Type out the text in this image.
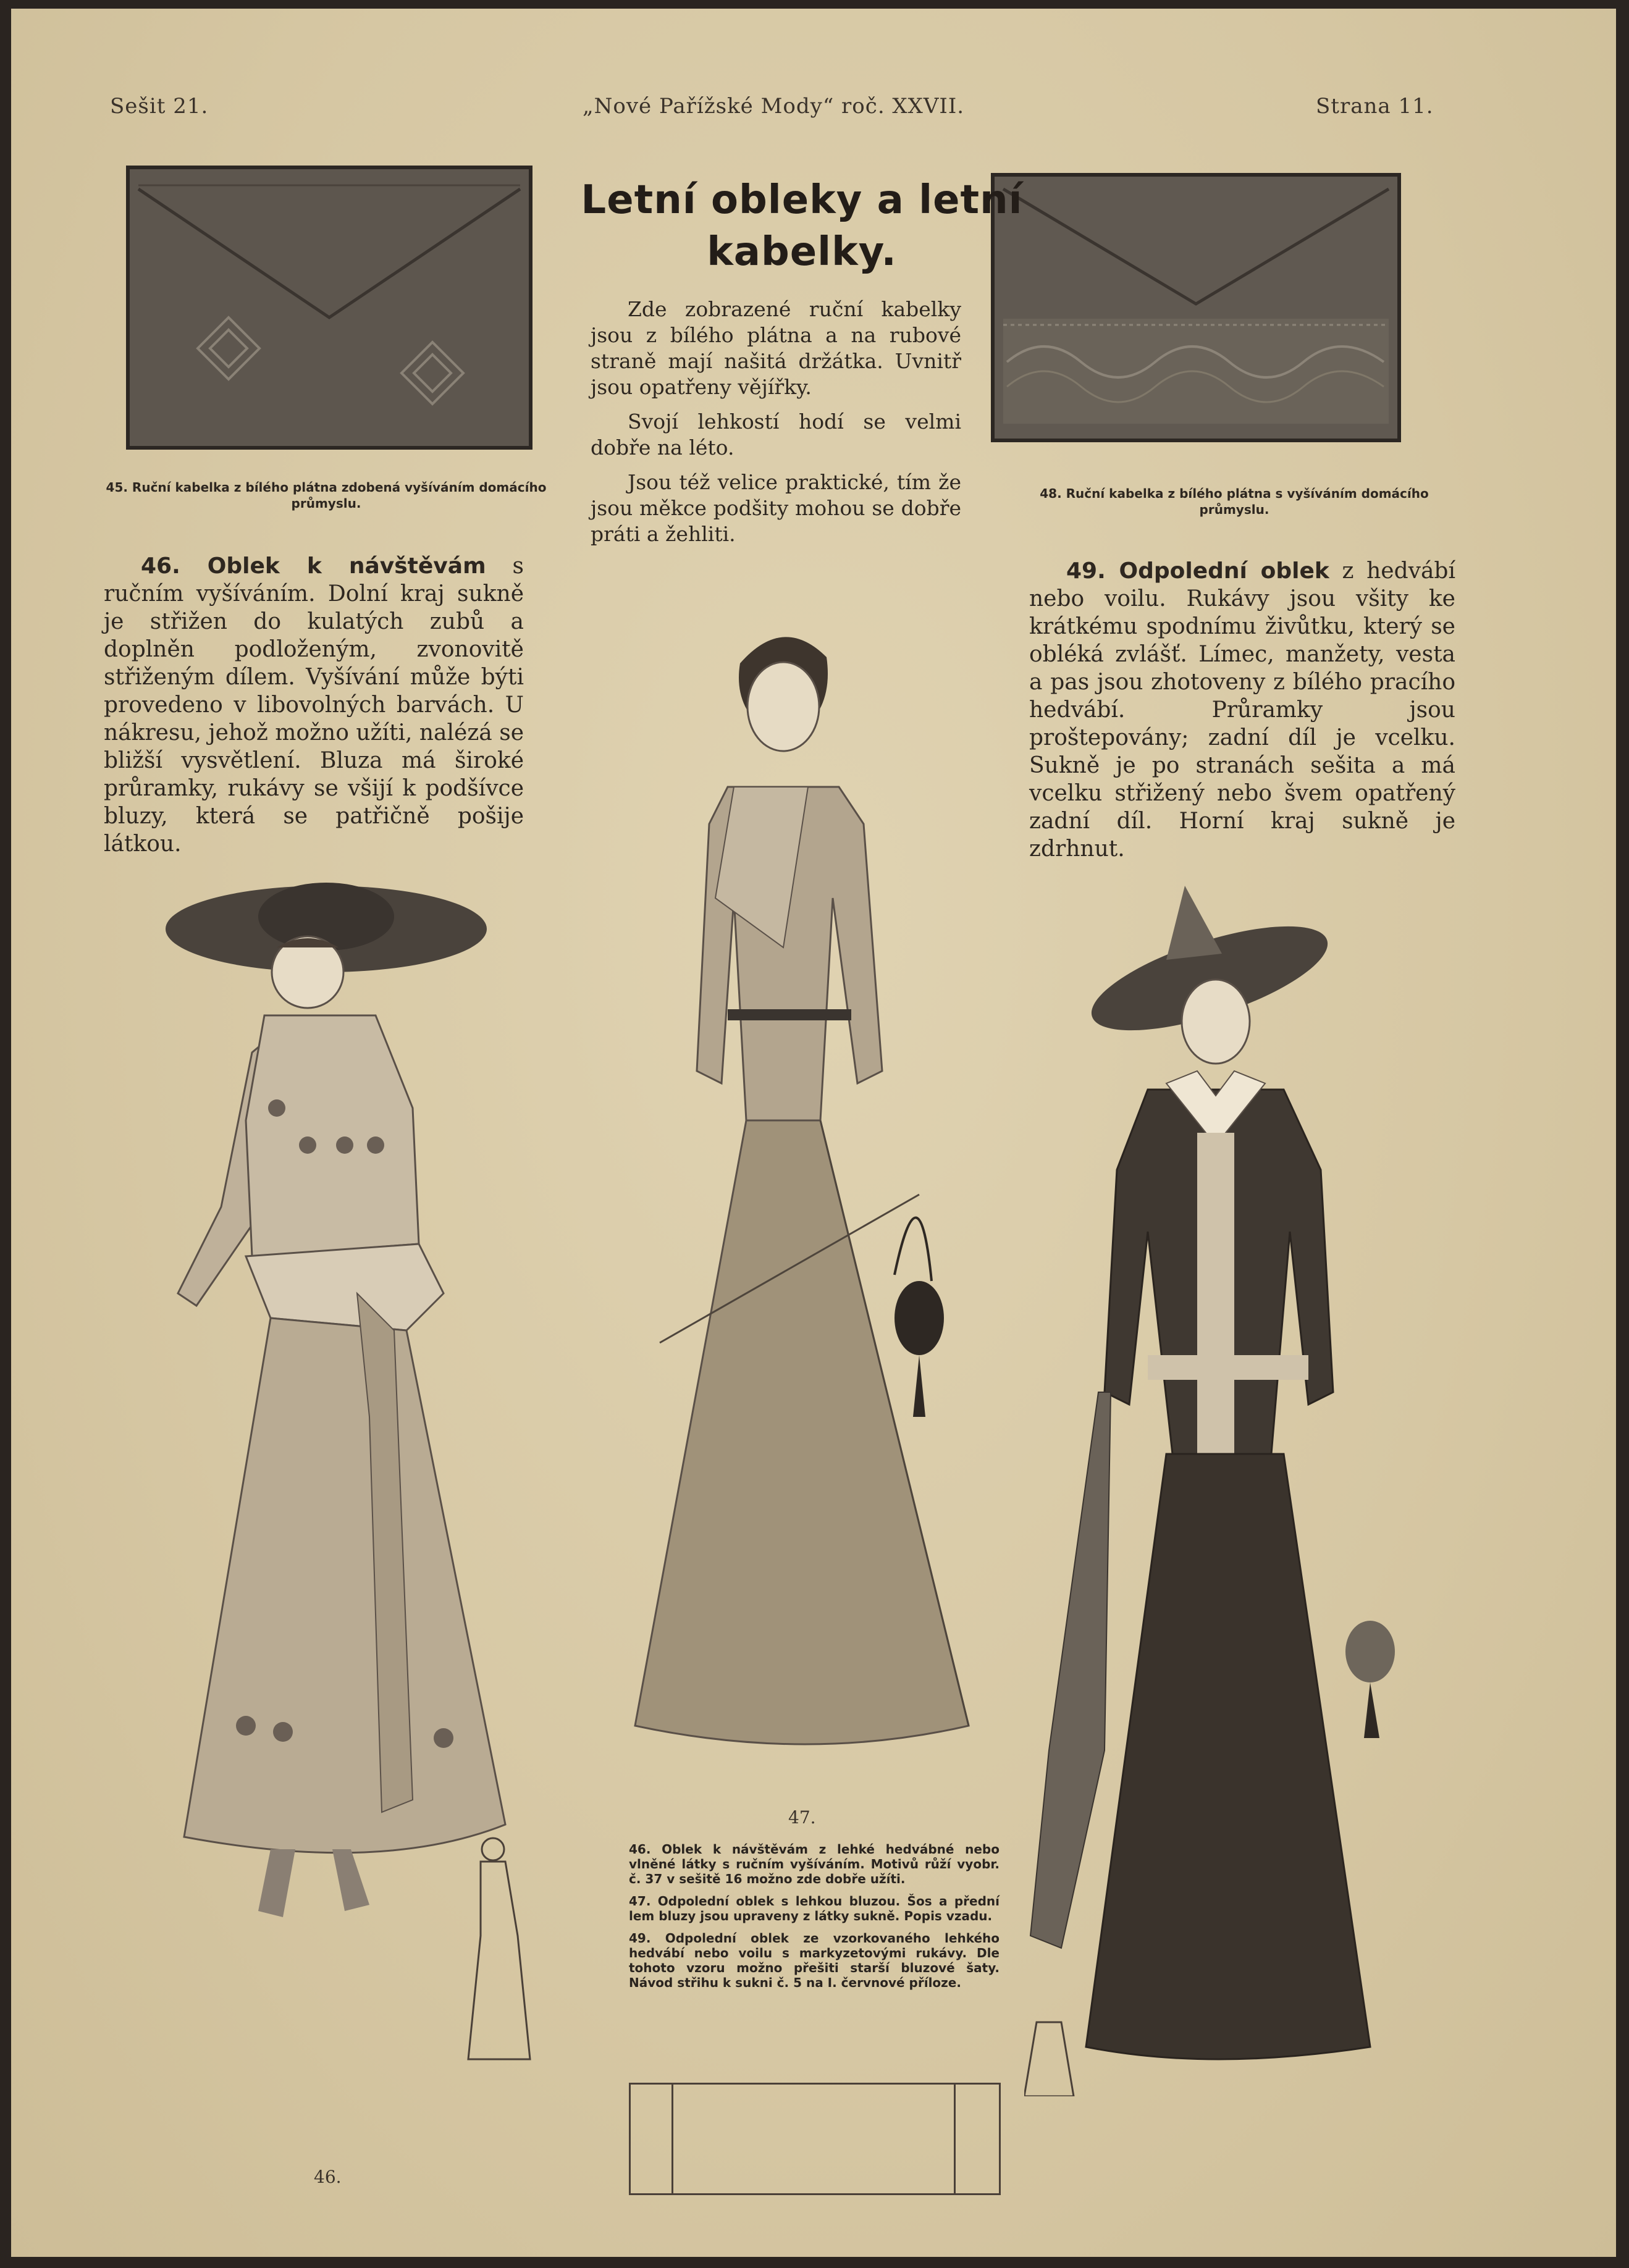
Sešit 21.	„Nové Pařížské Mody“ roč. XXVII.	Strana 11.
45. Ruční kabelka z bílého plátna zdobená vyšíváním domácího průmyslu.
48. Ruční kabelka z bílého plátna s vyšíváním domácího průmyslu.
Letní obleky a letní kabelky.

Zde zobrazené ruční kabelky jsou z bílého plátna a na rubové straně mají našitá držátka. Uvnitř jsou opatřeny vějířky.

Svojí lehkostí hodí se velmi dobře na léto.

Jsou též velice praktické, tím že jsou měkce podšity mohou se dobře práti a žehliti.

46. Oblek k návštěvám s ručním vyšíváním. Dolní kraj sukně je střižen do kulatých zubů a doplněn podloženým, zvonovitě střiženým dílem. Vyšívání může býti provedeno v libovolných barvách. U nákresu, jehož možno užíti, nalézá se bližší vysvětlení. Bluza má široké průramky, rukávy se všijí k podšívce bluzy, která se patřičně pošije látkou.
49. Odpolední oblek z hedvábí nebo voilu. Rukávy jsou všity ke krátkému spodnímu živůtku, který se obléká zvlášť. Límec, manžety, vesta a pas jsou zhotoveny z bílého pracího hedvábí. Průramky jsou proštepovány; zadní díl je vcelku. Sukně je po stranách sešita a má vcelku střižený nebo švem opatřený zadní díl. Horní kraj sukně je zdrhnut.
46.
47.

46. Oblek k návštěvám z lehké hedvábné nebo vlněné látky s ručním vyšíváním. Motivů růží vyobr. č. 37 v sešitě 16 možno zde dobře užíti.

47. Odpolední oblek s lehkou bluzou. Šos a přední lem bluzy jsou upraveny z látky sukně. Popis vzadu.

49. Odpolední oblek ze vzorkovaného lehkého hedvábí nebo voilu s markyzetovými rukávy. Dle tohoto vzoru možno přešiti starší bluzové šaty. Návod střihu k sukni č. 5 na I. červnové příloze.
